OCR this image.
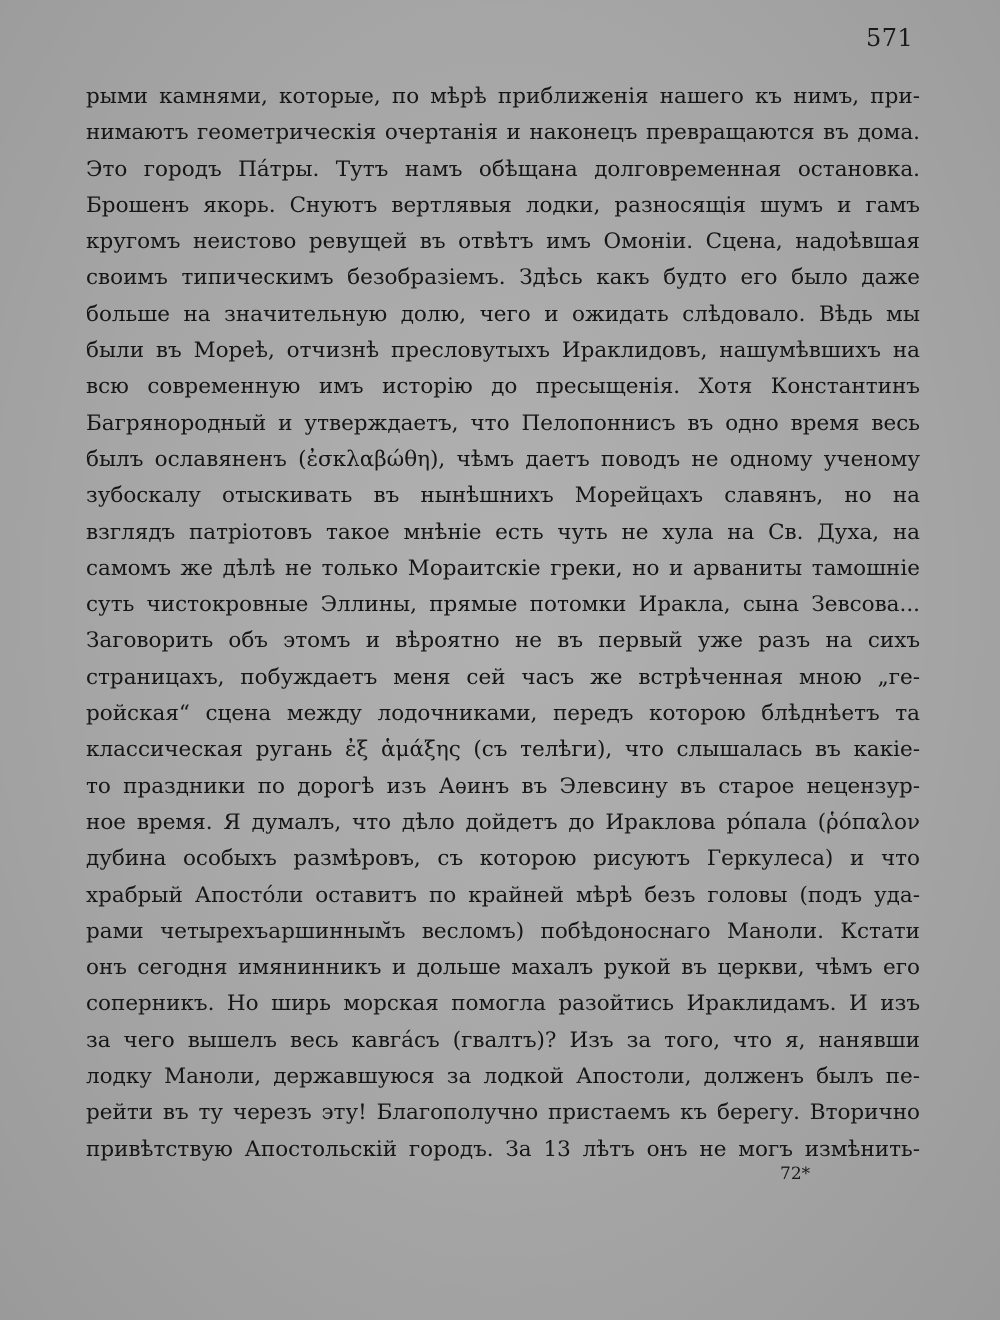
571
рыми камнями, которые, по мѣрѣ приближенія нашего къ нимъ, при-
нимаютъ геометрическія очертанія и наконецъ превращаются въ дома.
Это городъ Пáтры. Тутъ намъ обѣщана долговременная остановка.
Брошенъ якорь. Снуютъ вертлявыя лодки, разносящія шумъ и гамъ
кругомъ неистово ревущей въ отвѣтъ имъ Омоніи. Сцена, надоѣвшая
своимъ типическимъ безобразіемъ. Здѣсь какъ будто его было даже
больше на значительную долю, чего и ожидать слѣдовало. Вѣдь мы
были въ Мореѣ, отчизнѣ пресловутыхъ Ираклидовъ, нашумѣвшихъ на
всю современную имъ исторію до пресыщенія. Хотя Константинъ
Багрянородный и утверждаетъ, что Пелопоннисъ въ одно время весь
былъ ославяненъ (ἐσκλαβώθη), чѣмъ даетъ поводъ не одному ученому
зубоскалу отыскивать въ нынѣшнихъ Морейцахъ славянъ, но на
взглядъ патріотовъ такое мнѣніе есть чуть не хула на Св. Духа, на
самомъ же дѣлѣ не только Мораитскіе греки, но и арваниты тамошніе
суть чистокровные Эллины, прямые потомки Иракла, сына Зевсова...
Заговорить объ этомъ и вѣроятно не въ первый уже разъ на сихъ
страницахъ, побуждаетъ меня сей часъ же встрѣченная мною „ге-
ройская“ сцена между лодочниками, передъ которою блѣднѣетъ та
классическая ругань ἐξ ἁμάξης (съ телѣги), что слышалась въ какіе-
то праздники по дорогѣ изъ Аѳинъ въ Элевсину въ старое нецензур-
ное время. Я думалъ, что дѣло дойдетъ до Ираклова рóпала (ῥόπαλον
дубина особыхъ размѣровъ, съ которою рисуютъ Геркулеса) и что
храбрый Апостóли оставитъ по крайней мѣрѣ безъ головы (подъ уда-
рами четырехъаршинным̆ъ весломъ) побѣдоноснаго Маноли. Кстати
онъ сегодня имянинникъ и дольше махалъ рукой въ церкви, чѣмъ его
соперникъ. Но ширь морская помогла разойтись Ираклидамъ. И изъ
за чего вышелъ весь кавгáсъ (гвалтъ)? Изъ за того, что я, нанявши
лодку Маноли, державшуюся за лодкой Апостоли, долженъ былъ пе-
рейти въ ту черезъ эту! Благополучно пристаемъ къ берегу. Вторично
привѣтствую Апостольскій городъ. За 13 лѣтъ онъ не могъ измѣнить-
72*
